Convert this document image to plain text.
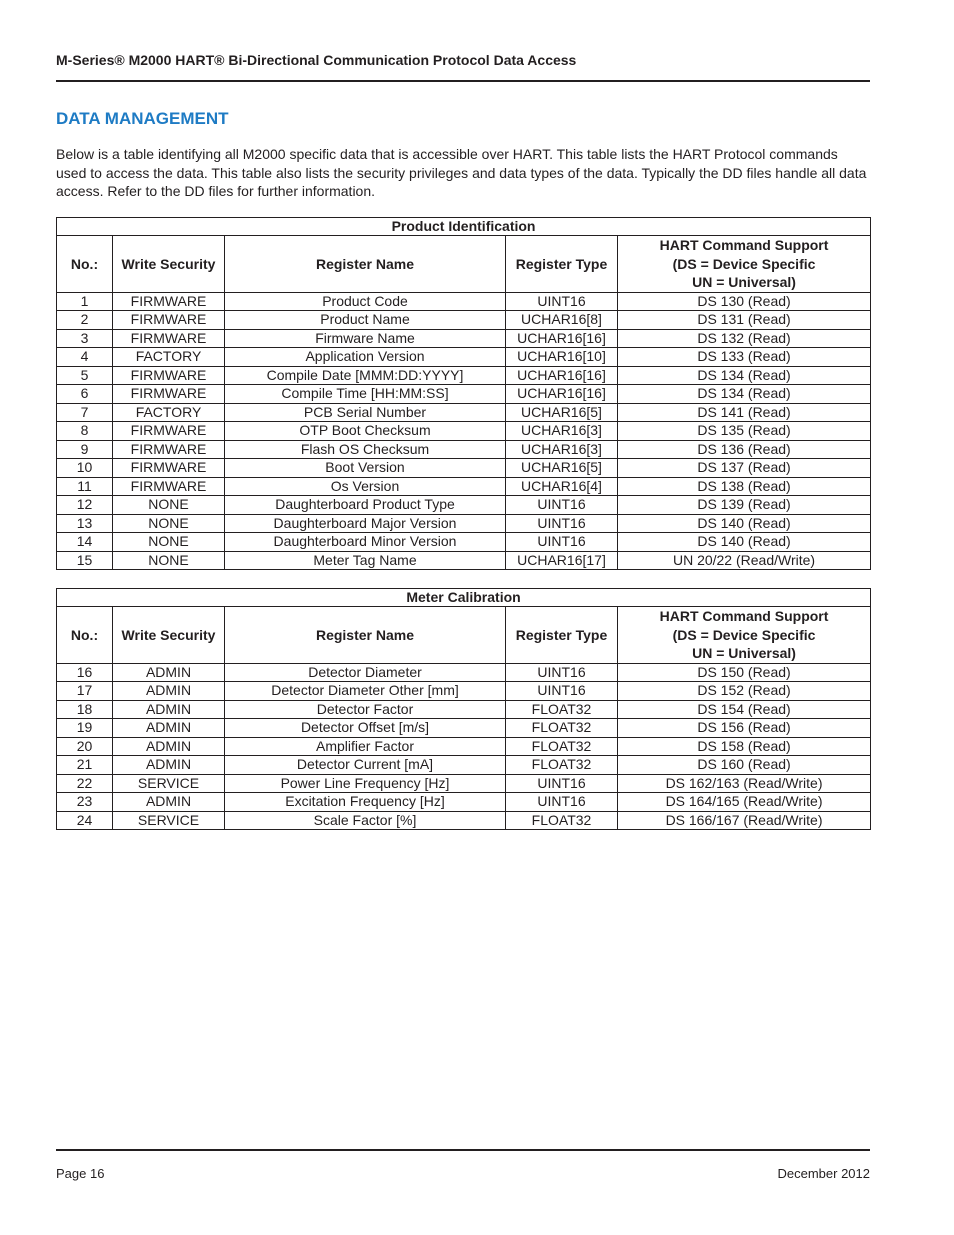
M-Series® M2000 HART® Bi-Directional Communication Protocol Data Access
DATA MANAGEMENT
Below is a table identifying all M2000 specific data that is accessible over HART. This table lists the HART Protocol commands used to access the data. This table also lists the security privileges and data types of the data. Typically the DD files handle all data access. Refer to the DD files for further information.
Product Identification				
No.:	Write Security	Register Name	Register Type	HART Command Support
(DS = Device Specific
UN = Universal)
1	FIRMWARE	Product Code	UINT16	DS 130 (Read)
2	FIRMWARE	Product Name	UCHAR16[8]	DS 131 (Read)
3	FIRMWARE	Firmware Name	UCHAR16[16]	DS 132 (Read)
4	FACTORY	Application Version	UCHAR16[10]	DS 133 (Read)
5	FIRMWARE	Compile Date [MMM:DD:YYYY]	UCHAR16[16]	DS 134 (Read)
6	FIRMWARE	Compile Time [HH:MM:SS]	UCHAR16[16]	DS 134 (Read)
7	FACTORY	PCB Serial Number	UCHAR16[5]	DS 141 (Read)
8	FIRMWARE	OTP Boot Checksum	UCHAR16[3]	DS 135 (Read)
9	FIRMWARE	Flash OS Checksum	UCHAR16[3]	DS 136 (Read)
10	FIRMWARE	Boot Version	UCHAR16[5]	DS 137 (Read)
11	FIRMWARE	Os Version	UCHAR16[4]	DS 138 (Read)
12	NONE	Daughterboard Product Type	UINT16	DS 139 (Read)
13	NONE	Daughterboard Major Version	UINT16	DS 140 (Read)
14	NONE	Daughterboard Minor Version	UINT16	DS 140 (Read)
15	NONE	Meter Tag Name	UCHAR16[17]	UN 20/22 (Read/Write)
Meter Calibration				
No.:	Write Security	Register Name	Register Type	HART Command Support
(DS = Device Specific
UN = Universal)
16	ADMIN	Detector Diameter	UINT16	DS 150 (Read)
17	ADMIN	Detector Diameter Other [mm]	UINT16	DS 152 (Read)
18	ADMIN	Detector Factor	FLOAT32	DS 154 (Read)
19	ADMIN	Detector Offset [m/s]	FLOAT32	DS 156 (Read)
20	ADMIN	Amplifier Factor	FLOAT32	DS 158 (Read)
21	ADMIN	Detector Current [mA]	FLOAT32	DS 160 (Read)
22	SERVICE	Power Line Frequency [Hz]	UINT16	DS 162/163 (Read/Write)
23	ADMIN	Excitation Frequency [Hz]	UINT16	DS 164/165 (Read/Write)
24	SERVICE	Scale Factor [%]	FLOAT32	DS 166/167 (Read/Write)
Page 16	December 2012
